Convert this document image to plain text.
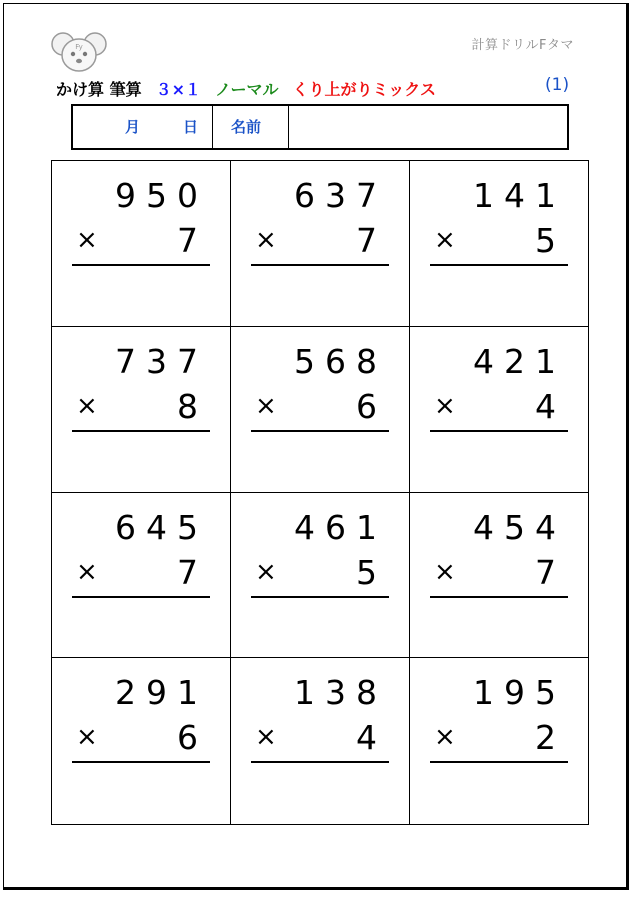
Fy	計算ドリルFタマ
かけ算 筆算 ３×１ ノーマル くり上がりミックス	(1)
月	日 名前
950
× 7
637
× 7
141
× 5
737
× 8
568
× 6
421
× 4
645
× 7
461
× 5
454
× 7
291
× 6
138
× 4
195
× 2
